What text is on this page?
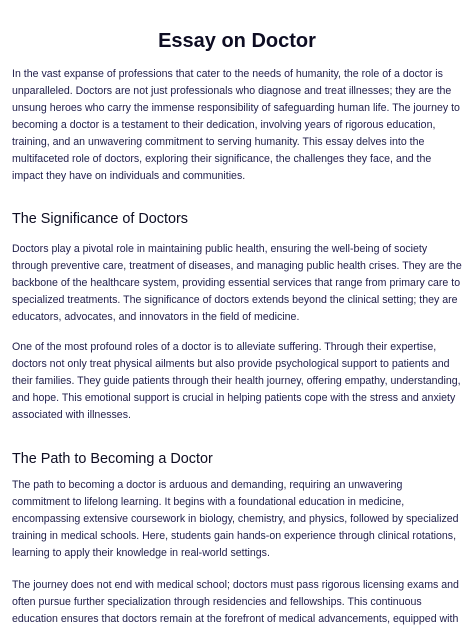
Essay on Doctor

In the vast expanse of professions that cater to the needs of humanity, the role of a doctor is unparalleled. Doctors are not just professionals who diagnose and treat illnesses; they are the unsung heroes who carry the immense responsibility of safeguarding human life. The journey to becoming a doctor is a testament to their dedication, involving years of rigorous education, training, and an unwavering commitment to serving humanity. This essay delves into the multifaceted role of doctors, exploring their significance, the challenges they face, and the impact they have on individuals and communities.

The Significance of Doctors

Doctors play a pivotal role in maintaining public health, ensuring the well-being of society through preventive care, treatment of diseases, and managing public health crises. They are the backbone of the healthcare system, providing essential services that range from primary care to specialized treatments. The significance of doctors extends beyond the clinical setting; they are educators, advocates, and innovators in the field of medicine.

One of the most profound roles of a doctor is to alleviate suffering. Through their expertise, doctors not only treat physical ailments but also provide psychological support to patients and their families. They guide patients through their health journey, offering empathy, understanding, and hope. This emotional support is crucial in helping patients cope with the stress and anxiety associated with illnesses.

The Path to Becoming a Doctor

The path to becoming a doctor is arduous and demanding, requiring an unwavering commitment to lifelong learning. It begins with a foundational education in medicine, encompassing extensive coursework in biology, chemistry, and physics, followed by specialized training in medical schools. Here, students gain hands-on experience through clinical rotations, learning to apply their knowledge in real-world settings.

The journey does not end with medical school; doctors must pass rigorous licensing exams and often pursue further specialization through residencies and fellowships. This continuous education ensures that doctors remain at the forefront of medical advancements, equipped with
